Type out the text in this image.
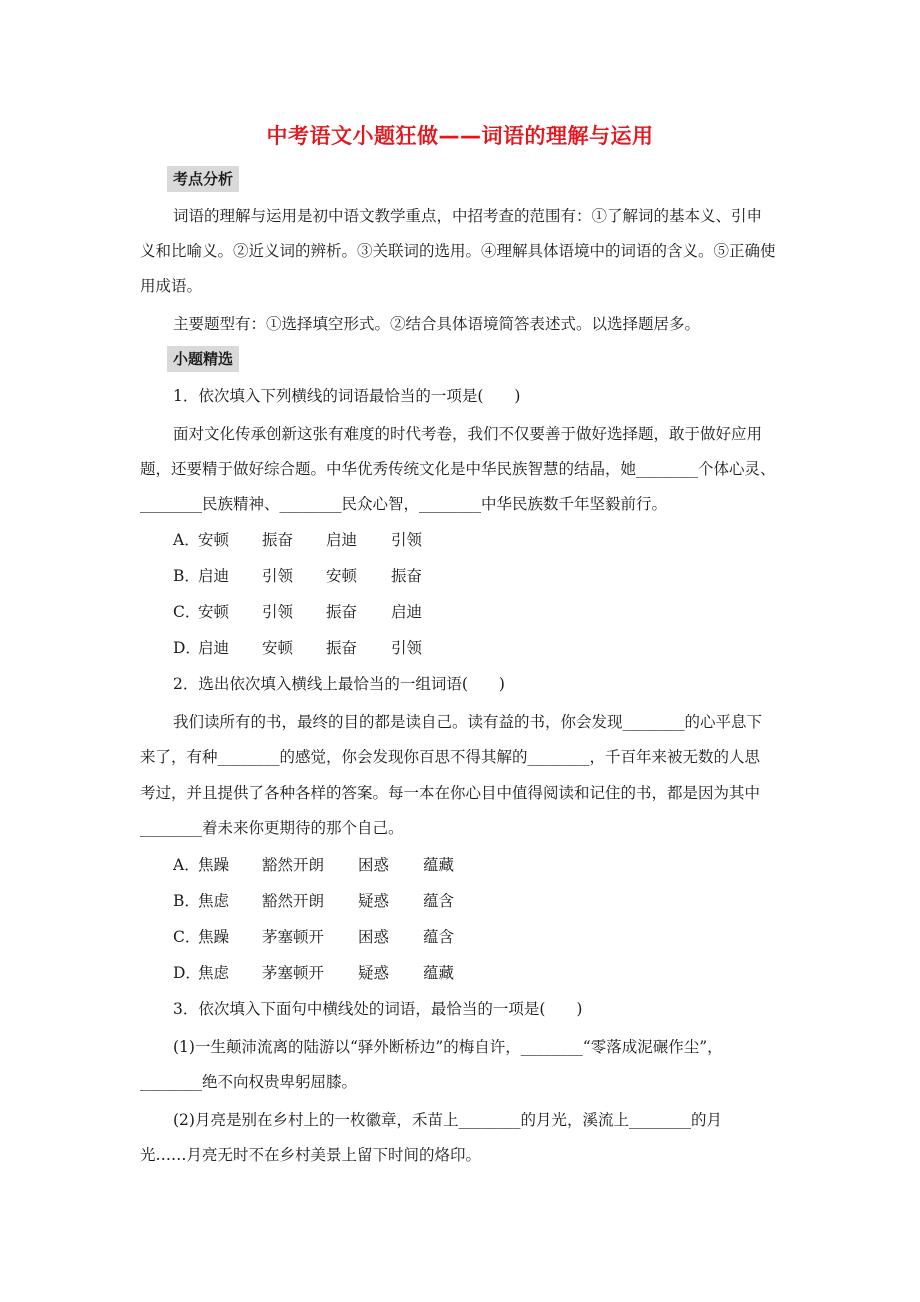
中考语文小题狂做——词语的理解与运用
考点分析
词语的理解与运用是初中语文教学重点，中招考查的范围有：①了解词的基本义、引申
义和比喻义。②近义词的辨析。③关联词的选用。④理解具体语境中的词语的含义。⑤正确使
用成语。
主要题型有：①选择填空形式。②结合具体语境简答表述式。以选择题居多。
小题精选
1．依次填入下列横线的词语最恰当的一项是(　　)
面对文化传承创新这张有难度的时代考卷，我们不仅要善于做好选择题，敢于做好应用
题，还要精于做好综合题。中华优秀传统文化是中华民族智慧的结晶，她________个体心灵、
________民族精神、________民众心智，________中华民族数千年坚毅前行。
A．
安顿 振奋 启迪 引领
B．
启迪 引领 安顿 振奋
C．
安顿 引领 振奋 启迪
D．
启迪 安顿 振奋 引领
2．选出依次填入横线上最恰当的一组词语(　　)
我们读所有的书，最终的目的都是读自己。读有益的书，你会发现________的心平息下
来了，有种________的感觉，你会发现你百思不得其解的________，千百年来被无数的人思
考过，并且提供了各种各样的答案。每一本在你心目中值得阅读和记住的书，都是因为其中
________着未来你更期待的那个自己。
A．
焦躁 豁然开朗 困惑 蕴藏
B．
焦虑 豁然开朗 疑惑 蕴含
C．
焦躁 茅塞顿开 困惑 蕴含
D．
焦虑 茅塞顿开 疑惑 蕴藏
3．依次填入下面句中横线处的词语，最恰当的一项是(　　)
(1)一生颠沛流离的陆游以“驿外断桥边”的梅自许，________“零落成泥碾作尘”，
________绝不向权贵卑躬屈膝。
(2)月亮是别在乡村上的一枚徽章，禾苗上________的月光，溪流上________的月
光……月亮无时不在乡村美景上留下时间的烙印。
